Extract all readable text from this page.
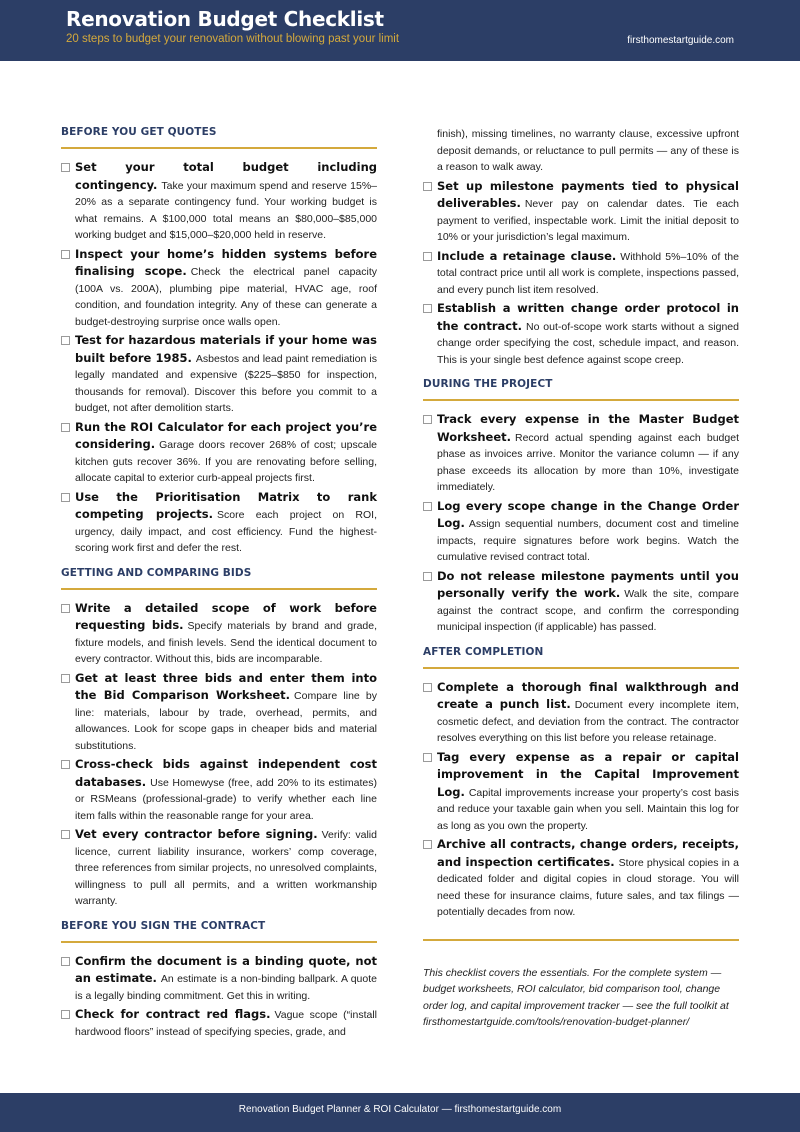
Renovation Budget Checklist
20 steps to budget your renovation without blowing past your limit	firsthomestartguide.com
BEFORE YOU GET QUOTES
Set your total budget including contingency. Take your maximum spend and reserve 15%–20% as a separate contingency fund. Your working budget is what remains. A $100,000 total means an $80,000–$85,000 working budget and $15,000–$20,000 held in reserve.
Inspect your home’s hidden systems before finalising scope. Check the electrical panel capacity (100A vs. 200A), plumbing pipe material, HVAC age, roof condition, and foundation integrity. Any of these can generate a budget-destroying surprise once walls open.
Test for hazardous materials if your home was built before 1985. Asbestos and lead paint remediation is legally mandated and expensive ($225–$850 for inspection, thousands for removal). Discover this before you commit to a budget, not after demolition starts.
Run the ROI Calculator for each project you’re considering. Garage doors recover 268% of cost; upscale kitchen guts recover 36%. If you are renovating before selling, allocate capital to exterior curb-appeal projects first.
Use the Prioritisation Matrix to rank competing projects. Score each project on ROI, urgency, daily impact, and cost efficiency. Fund the highest-scoring work first and defer the rest.
GETTING AND COMPARING BIDS
Write a detailed scope of work before requesting bids. Specify materials by brand and grade, fixture models, and finish levels. Send the identical document to every contractor. Without this, bids are incomparable.
Get at least three bids and enter them into the Bid Comparison Worksheet. Compare line by line: materials, labour by trade, overhead, permits, and allowances. Look for scope gaps in cheaper bids and material substitutions.
Cross-check bids against independent cost databases. Use Homewyse (free, add 20% to its estimates) or RSMeans (professional-grade) to verify whether each line item falls within the reasonable range for your area.
Vet every contractor before signing. Verify: valid licence, current liability insurance, workers’ comp coverage, three references from similar projects, no unresolved complaints, willingness to pull all permits, and a written workmanship warranty.
BEFORE YOU SIGN THE CONTRACT
Confirm the document is a binding quote, not an estimate. An estimate is a non-binding ballpark. A quote is a legally binding commitment. Get this in writing.
Check for contract red flags. Vague scope (“install hardwood floors” instead of specifying species, grade, and
finish), missing timelines, no warranty clause, excessive upfront deposit demands, or reluctance to pull permits — any of these is a reason to walk away.
Set up milestone payments tied to physical deliverables. Never pay on calendar dates. Tie each payment to verified, inspectable work. Limit the initial deposit to 10% or your jurisdiction’s legal maximum.
Include a retainage clause. Withhold 5%–10% of the total contract price until all work is complete, inspections passed, and every punch list item resolved.
Establish a written change order protocol in the contract. No out-of-scope work starts without a signed change order specifying the cost, schedule impact, and reason. This is your single best defence against scope creep.
DURING THE PROJECT
Track every expense in the Master Budget Worksheet. Record actual spending against each budget phase as invoices arrive. Monitor the variance column — if any phase exceeds its allocation by more than 10%, investigate immediately.
Log every scope change in the Change Order Log. Assign sequential numbers, document cost and timeline impacts, require signatures before work begins. Watch the cumulative revised contract total.
Do not release milestone payments until you personally verify the work. Walk the site, compare against the contract scope, and confirm the corresponding municipal inspection (if applicable) has passed.
AFTER COMPLETION
Complete a thorough final walkthrough and create a punch list. Document every incomplete item, cosmetic defect, and deviation from the contract. The contractor resolves everything on this list before you release retainage.
Tag every expense as a repair or capital improvement in the Capital Improvement Log. Capital improvements increase your property’s cost basis and reduce your taxable gain when you sell. Maintain this log for as long as you own the property.
Archive all contracts, change orders, receipts, and inspection certificates. Store physical copies in a dedicated folder and digital copies in cloud storage. You will need these for insurance claims, future sales, and tax filings — potentially decades from now.
This checklist covers the essentials. For the complete system — budget worksheets, ROI calculator, bid comparison tool, change order log, and capital improvement tracker — see the full toolkit at firsthomestartguide.com/tools/renovation-budget-planner/
Renovation Budget Planner & ROI Calculator — firsthomestartguide.com
